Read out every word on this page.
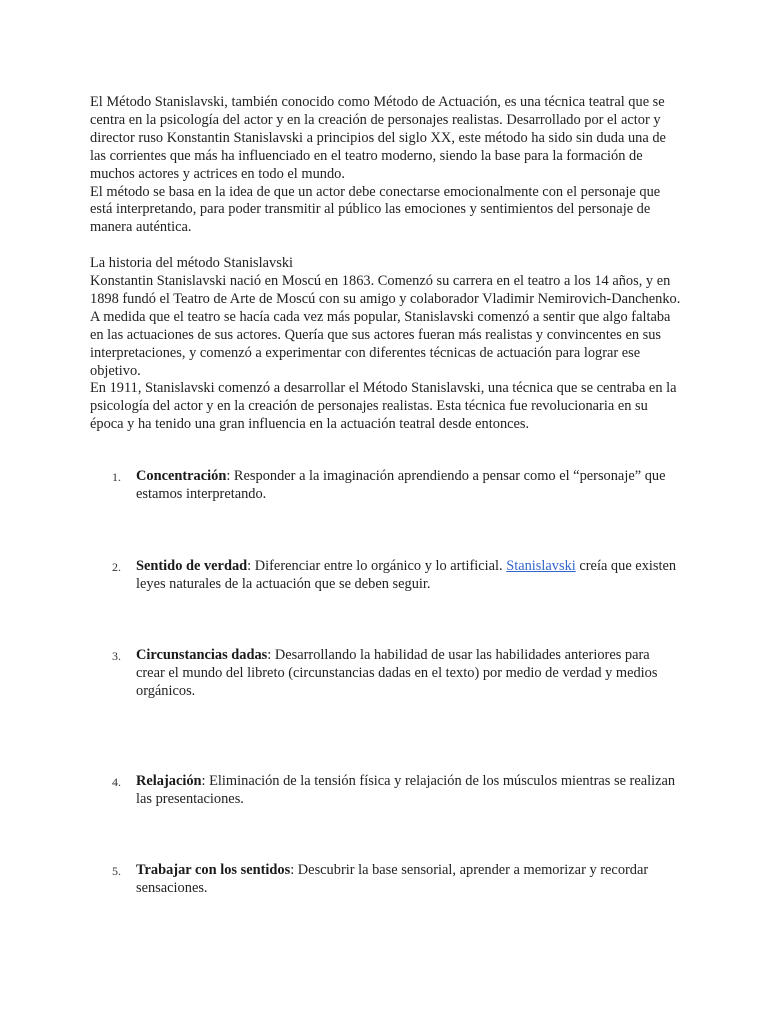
El Método Stanislavski, también conocido como Método de Actuación, es una técnica teatral que se centra en la psicología del actor y en la creación de personajes realistas. Desarrollado por el actor y director ruso Konstantin Stanislavski a principios del siglo XX, este método ha sido sin duda una de las corrientes que más ha influenciado en el teatro moderno, siendo la base para la formación de muchos actores y actrices en todo el mundo.

El método se basa en la idea de que un actor debe conectarse emocionalmente con el personaje que está interpretando, para poder transmitir al público las emociones y sentimientos del personaje de manera auténtica.

La historia del método Stanislavski

Konstantin Stanislavski nació en Moscú en 1863. Comenzó su carrera en el teatro a los 14 años, y en 1898 fundó el Teatro de Arte de Moscú con su amigo y colaborador Vladimir Nemirovich-Danchenko. A medida que el teatro se hacía cada vez más popular, Stanislavski comenzó a sentir que algo faltaba en las actuaciones de sus actores. Quería que sus actores fueran más realistas y convincentes en sus interpretaciones, y comenzó a experimentar con diferentes técnicas de actuación para lograr ese objetivo.

En 1911, Stanislavski comenzó a desarrollar el Método Stanislavski, una técnica que se centraba en la psicología del actor y en la creación de personajes realistas. Esta técnica fue revolucionaria en su época y ha tenido una gran influencia en la actuación teatral desde entonces.

1. Concentración: Responder a la imaginación aprendiendo a pensar como el “personaje” que estamos interpretando.
2. Sentido de verdad: Diferenciar entre lo orgánico y lo artificial. Stanislavski creía que existen leyes naturales de la actuación que se deben seguir.
3. Circunstancias dadas: Desarrollando la habilidad de usar las habilidades anteriores para crear el mundo del libreto (circunstancias dadas en el texto) por medio de verdad y medios orgánicos.
4. Relajación: Eliminación de la tensión física y relajación de los músculos mientras se realizan las presentaciones.
5. Trabajar con los sentidos: Descubrir la base sensorial, aprender a memorizar y recordar sensaciones.
